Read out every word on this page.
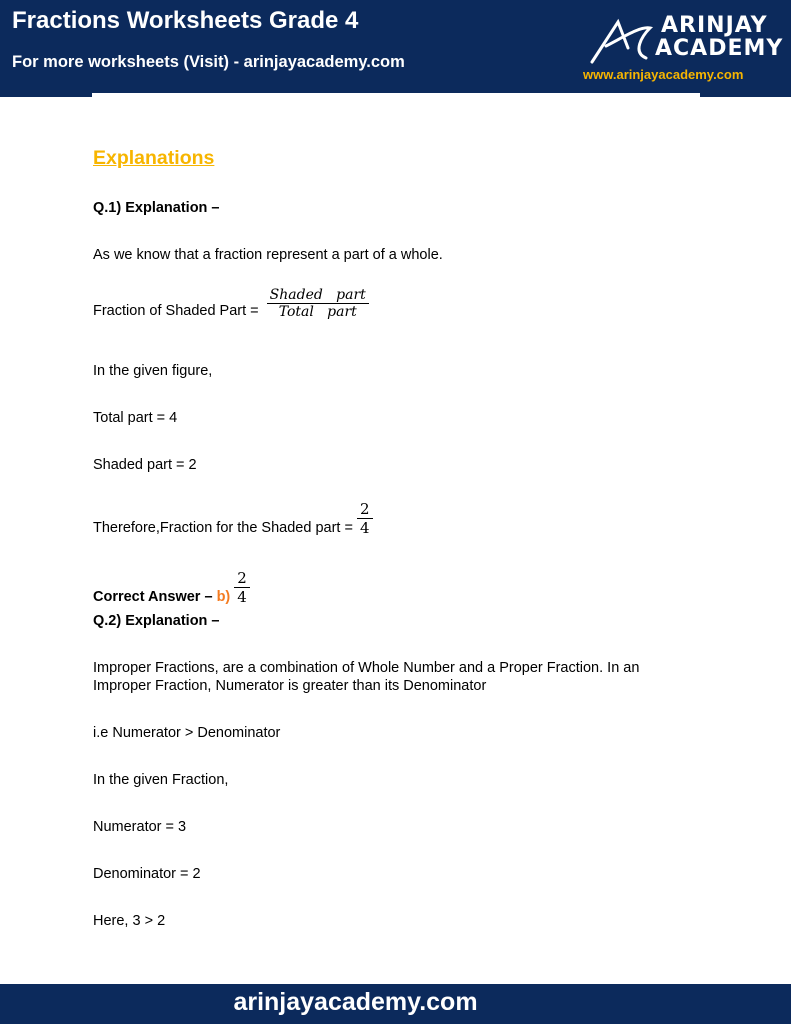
Fractions Worksheets Grade 4
For more worksheets (Visit) - arinjayacademy.com
ARINJAY
ACADEMY
www.arinjayacademy.com
Explanations
Q.1) Explanation –
As we know that a fraction represent a part of a whole.
Fraction of Shaded Part = $\frac{\text{Shaded   part}}{\text{Total   part}}$
In the given figure,
Total part = 4
Shaded part = 2
Therefore,Fraction for the Shaded part = $\frac{2}{4}$
Correct Answer – $b) \frac{2}{4}$
Q.2) Explanation –
Improper Fractions, are a combination of Whole Number and a Proper Fraction. In an
Improper Fraction, Numerator is greater than its Denominator
i.e Numerator > Denominator
In the given Fraction,
Numerator = 3
Denominator = 2
Here, 3 > 2
arinjayacademy.com
